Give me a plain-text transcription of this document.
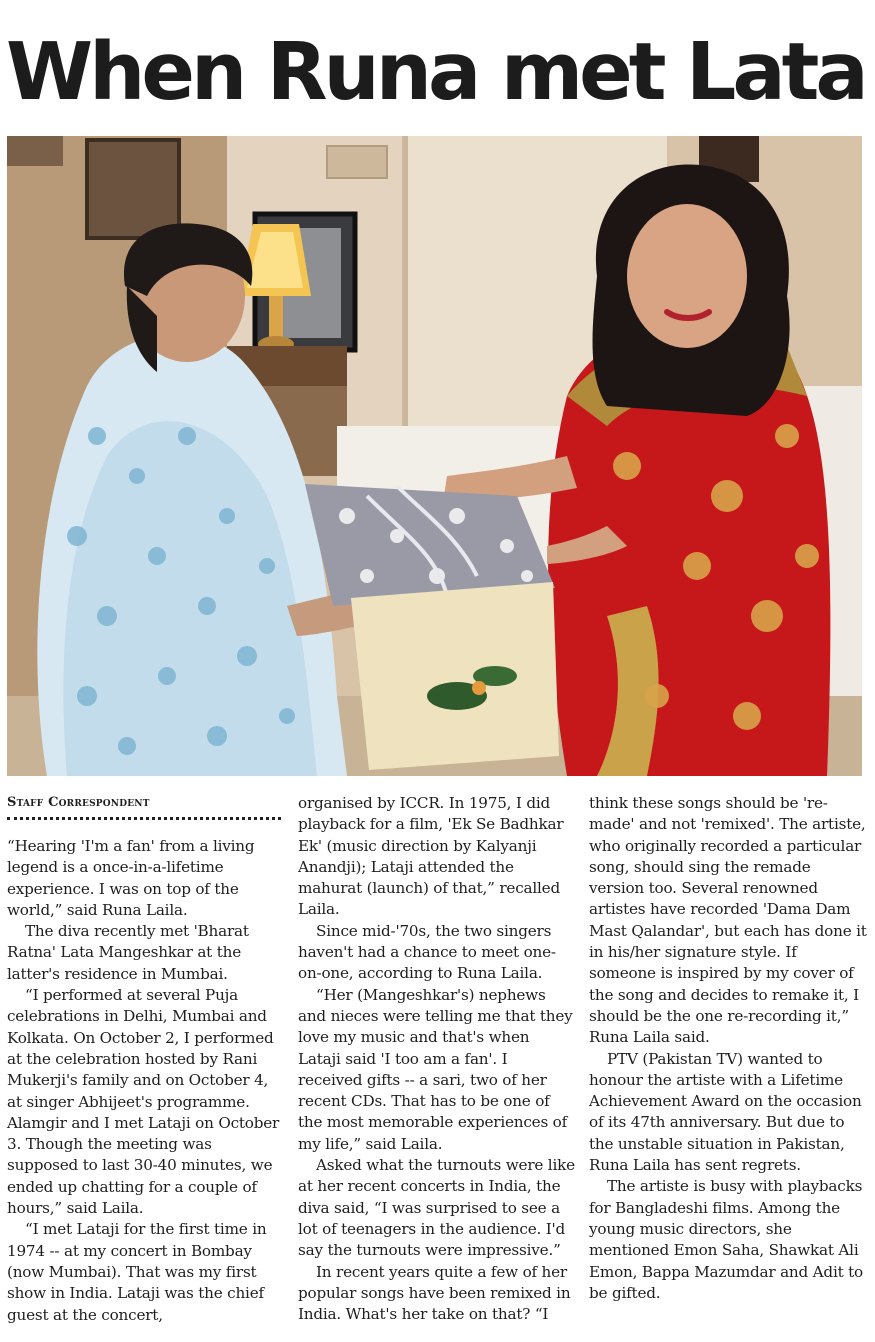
When Runa met Lata
Staff Correspondent

“Hearing 'I'm a fan' from a living legend is a once-in-a-lifetime experience. I was on top of the world,” said Runa Laila.

The diva recently met 'Bharat Ratna' Lata Mangeshkar at the latter's residence in Mumbai.

“I performed at several Puja celebrations in Delhi, Mumbai and Kolkata. On October 2, I performed at the celebration hosted by Rani Mukerji's family and on October 4, at singer Abhijeet's programme. Alamgir and I met Lataji on October 3. Though the meeting was supposed to last 30-40 minutes, we ended up chatting for a couple of hours,” said Laila.

“I met Lataji for the first time in 1974 -- at my concert in Bombay (now Mumbai). That was my first show in India. Lataji was the chief guest at the concert,

organised by ICCR. In 1975, I did playback for a film, 'Ek Se Badhkar Ek' (music direction by Kalyanji Anandji); Lataji attended the mahurat (launch) of that,” recalled Laila.

Since mid-'70s, the two singers haven't had a chance to meet one-on-one, according to Runa Laila.

“Her (Mangeshkar's) nephews and nieces were telling me that they love my music and that's when Lataji said 'I too am a fan'. I received gifts -- a sari, two of her recent CDs. That has to be one of the most memorable experiences of my life,” said Laila.

Asked what the turnouts were like at her recent concerts in India, the diva said, “I was surprised to see a lot of teenagers in the audience. I'd say the turnouts were impressive.”

In recent years quite a few of her popular songs have been remixed in India. What's her take on that? “I

think these songs should be 're-made' and not 'remixed'. The artiste, who originally recorded a particular song, should sing the remade version too. Several renowned artistes have recorded 'Dama Dam Mast Qalandar', but each has done it in his/her signature style. If someone is inspired by my cover of the song and decides to remake it, I should be the one re-recording it,” Runa Laila said.

PTV (Pakistan TV) wanted to honour the artiste with a Lifetime Achievement Award on the occasion of its 47th anniversary. But due to the unstable situation in Pakistan, Runa Laila has sent regrets.

The artiste is busy with playbacks for Bangladeshi films. Among the young music directors, she mentioned Emon Saha, Shawkat Ali Emon, Bappa Mazumdar and Adit to be gifted.
